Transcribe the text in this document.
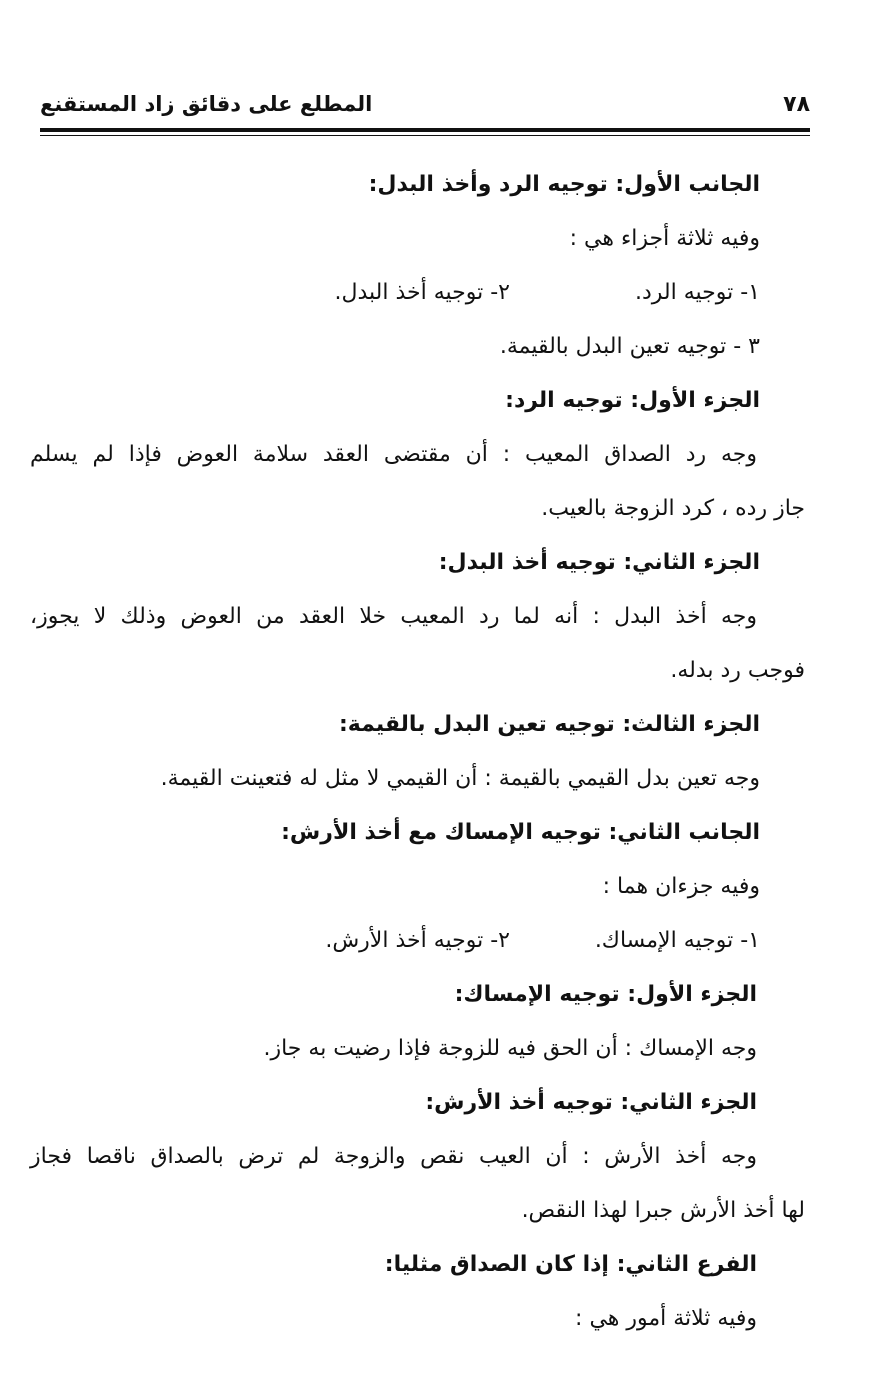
المطلع على دقائق زاد المستقنع	٧٨
الجانب الأول: توجيه الرد وأخذ البدل:
وفيه ثلاثة أجزاء هي :
١- توجيه الرد.
٢- توجيه أخذ البدل.
٣ - توجيه تعين البدل بالقيمة.
الجزء الأول: توجيه الرد:
وجه رد الصداق المعيب : أن مقتضى العقد سلامة العوض فإذا لم يسلم
جاز رده ، كرد الزوجة بالعيب.
الجزء الثاني: توجيه أخذ البدل:
وجه أخذ البدل : أنه لما رد المعيب خلا العقد من العوض وذلك لا يجوز،
فوجب رد بدله.
الجزء الثالث: توجيه تعين البدل بالقيمة:
وجه تعين بدل القيمي بالقيمة : أن القيمي لا مثل له فتعينت القيمة.
الجانب الثاني: توجيه الإمساك مع أخذ الأرش:
وفيه جزءان هما :
١- توجيه الإمساك.
٢- توجيه أخذ الأرش.
الجزء الأول: توجيه الإمساك:
وجه الإمساك : أن الحق فيه للزوجة فإذا رضيت به جاز.
الجزء الثاني: توجيه أخذ الأرش:
وجه أخذ الأرش : أن العيب نقص والزوجة لم ترض بالصداق ناقصا فجاز
لها أخذ الأرش جبرا لهذا النقص.
الفرع الثاني: إذا كان الصداق مثليا:
وفيه ثلاثة أمور هي :
